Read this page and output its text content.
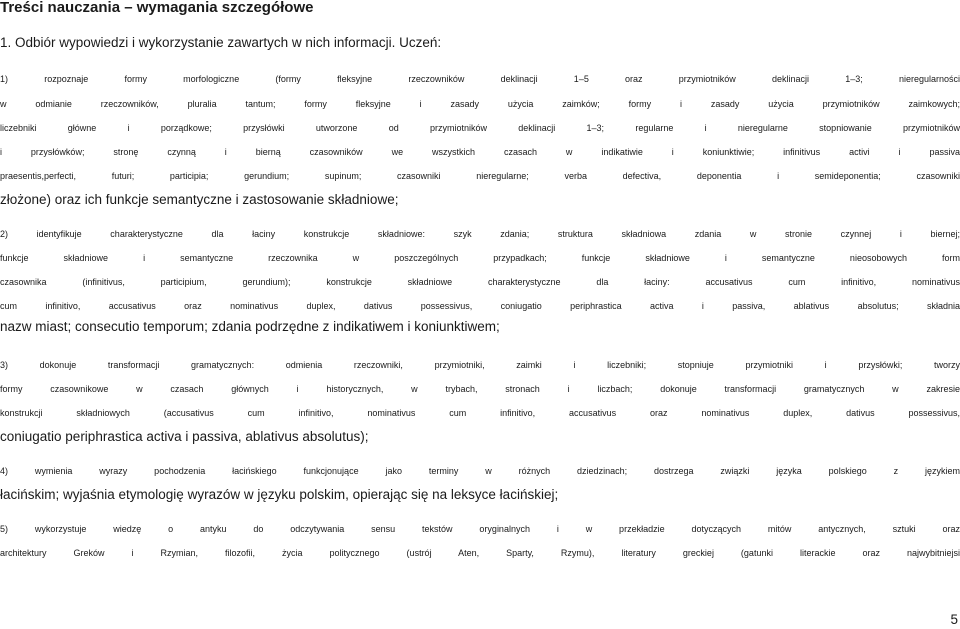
Treści nauczania – wymagania szczegółowe
1. Odbiór wypowiedzi i wykorzystanie zawartych w nich informacji. Uczeń:
1) rozpoznaje formy morfologiczne (formy fleksyjne rzeczowników deklinacji 1–5 oraz przymiotników deklinacji 1–3; nieregularności
w odmianie rzeczowników, pluralia tantum; formy fleksyjne i zasady użycia zaimków; formy i zasady użycia przymiotników zaimkowych;
liczebniki główne i porządkowe; przysłówki utworzone od przymiotników deklinacji 1–3; regularne i nieregularne stopniowanie przymiotników
i przysłówków; stronę czynną i bierną czasowników we wszystkich czasach w indikatiwie i koniunktiwie; infinitivus activi i passiva
praesentis,perfecti, futuri; participia; gerundium; supinum; czasowniki nieregularne; verba defectiva, deponentia i semideponentia; czasowniki
złożone) oraz ich funkcje semantyczne i zastosowanie składniowe;
2) identyfikuje charakterystyczne dla łaciny konstrukcje składniowe: szyk zdania; struktura składniowa zdania w stronie czynnej i biernej;
funkcje składniowe i semantyczne rzeczownika w poszczególnych przypadkach; funkcje składniowe i semantyczne nieosobowych form
czasownika (infinitivus, participium, gerundium); konstrukcje składniowe charakterystyczne dla łaciny: accusativus cum infinitivo, nominativus
cum infinitivo, accusativus oraz nominativus duplex, dativus possessivus, coniugatio periphrastica activa i passiva, ablativus absolutus; składnia
nazw miast; consecutio temporum; zdania podrzędne z indikatiwem i koniunktiwem;
3) dokonuje transformacji gramatycznych: odmienia rzeczowniki, przymiotniki, zaimki i liczebniki; stopniuje przymiotniki i przysłówki; tworzy
formy czasownikowe w czasach głównych i historycznych, w trybach, stronach i liczbach; dokonuje transformacji gramatycznych w zakresie
konstrukcji składniowych (accusativus cum infinitivo, nominativus cum infinitivo, accusativus oraz nominativus duplex, dativus possessivus,
coniugatio periphrastica activa i passiva, ablativus absolutus);
4) wymienia wyrazy pochodzenia łacińskiego funkcjonujące jako terminy w różnych dziedzinach; dostrzega związki języka polskiego z językiem
łacińskim; wyjaśnia etymologię wyrazów w języku polskim, opierając się na leksyce łacińskiej;
5) wykorzystuje wiedzę o antyku do odczytywania sensu tekstów oryginalnych i w przekładzie dotyczących mitów antycznych, sztuki oraz
architektury Greków i Rzymian, filozofii, życia politycznego (ustrój Aten, Sparty, Rzymu), literatury greckiej (gatunki literackie oraz najwybitniejsi
5
